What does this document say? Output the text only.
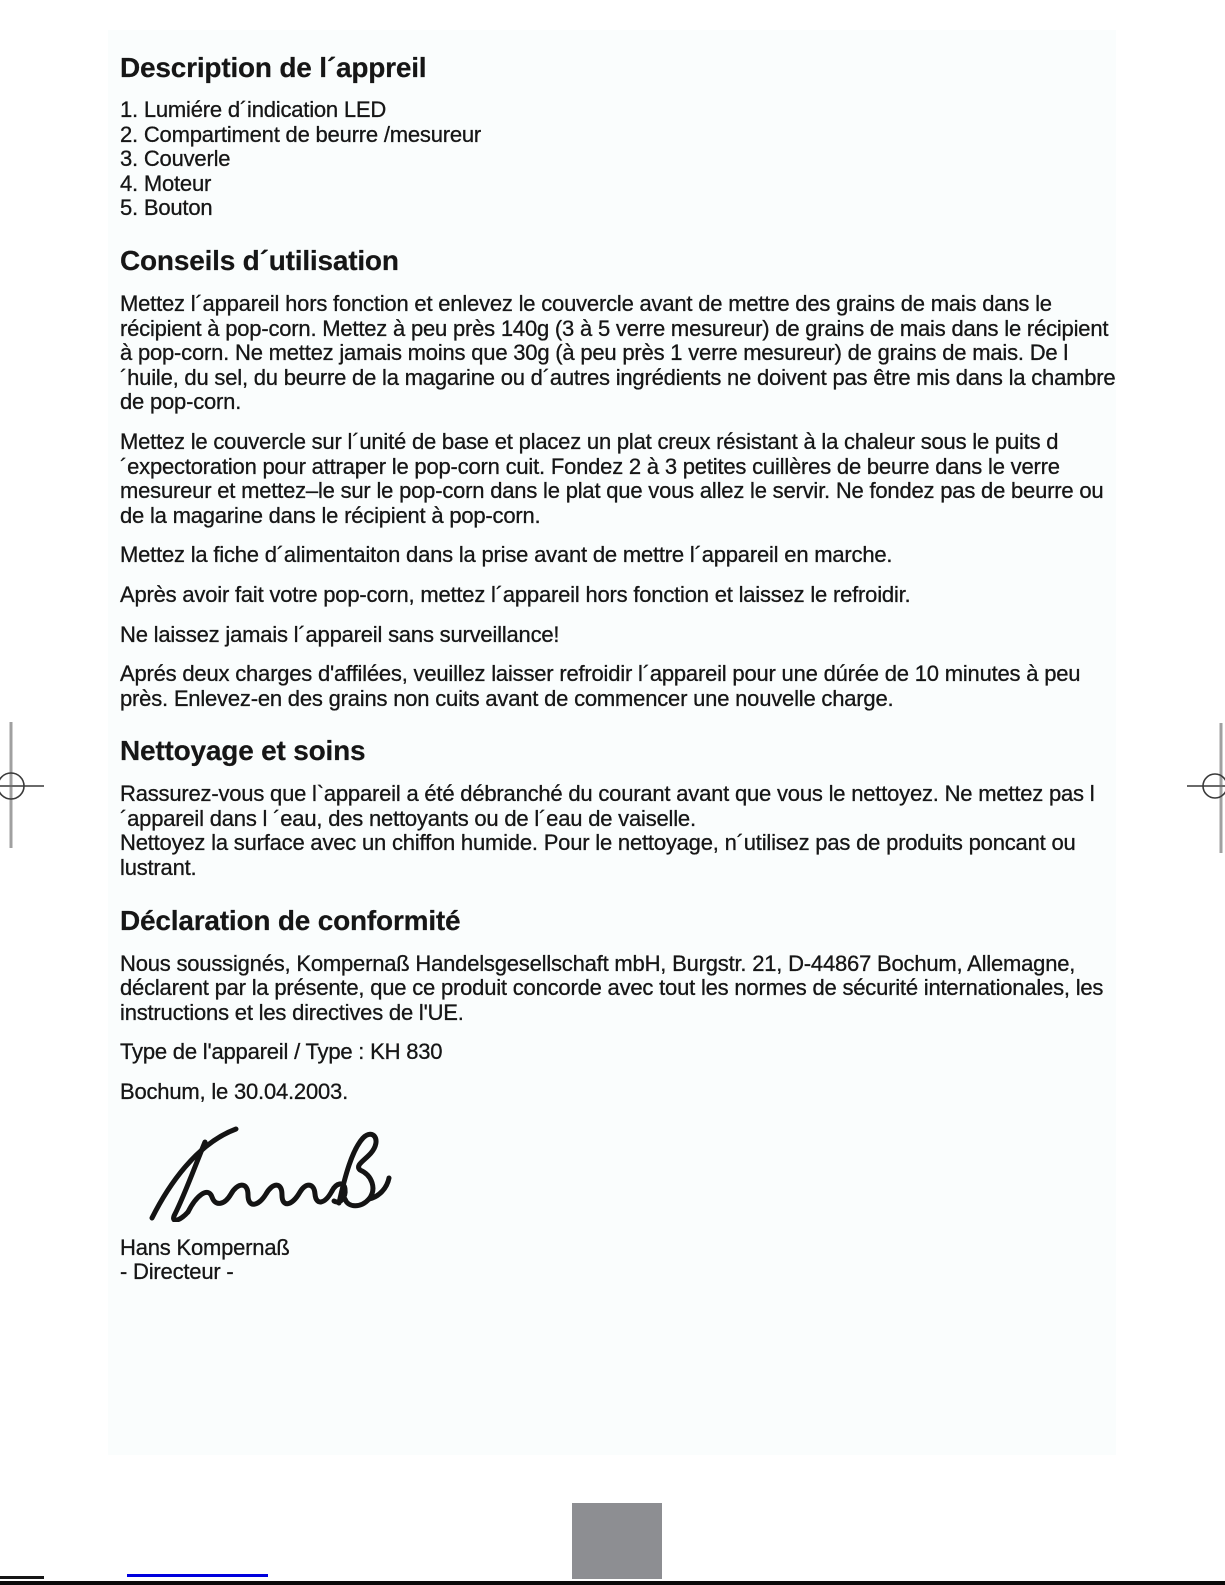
Description de l´appreil
1. Lumiére d´indication LED
2. Compartiment de beurre /mesureur
3. Couverle
4. Moteur
5. Bouton
Conseils d´utilisation

Mettez l´appareil hors fonction et enlevez le couvercle avant de mettre des grains de mais dans le récipient à pop-corn. Mettez à peu près 140g (3 à 5 verre mesureur) de grains de mais dans le récipient à pop-corn. Ne mettez jamais moins que 30g (à peu près 1 verre mesureur) de grains de mais. De l´huile, du sel, du beurre de la magarine ou d´autres ingrédients ne doivent pas être mis dans la chambre de pop-corn.

Mettez le couvercle sur l´unité de base et placez un plat creux résistant à la chaleur sous le puits d´expectoration pour attraper le pop-corn cuit. Fondez 2 à 3 petites cuillères de beurre dans le verre mesureur et mettez–le sur le pop-corn dans le plat que vous allez le servir. Ne fondez pas de beurre ou de la magarine dans le récipient à pop-corn.

Mettez la fiche d´alimentaiton dans la prise avant de mettre l´appareil en marche.

Après avoir fait votre pop-corn, mettez l´appareil hors fonction et laissez le refroidir.

Ne laissez jamais l´appareil sans surveillance!

Aprés deux charges d'affilées, veuillez laisser refroidir l´appareil pour une dúrée de 10 minutes à peu près. Enlevez-en des grains non cuits avant de commencer une nouvelle charge.

Nettoyage et soins

Rassurez-vous que l`appareil a été débranché du courant avant que vous le nettoyez. Ne mettez pas l´appareil dans l ´eau, des nettoyants ou de l´eau de vaiselle.
Nettoyez la surface avec un chiffon humide. Pour le nettoyage, n´utilisez pas de produits poncant ou lustrant.

Déclaration de conformité

Nous soussignés, Kompernaß Handelsgesellschaft mbH, Burgstr. 21, D-44867 Bochum, Allemagne, déclarent par la présente, que ce produit concorde avec tout les normes de sécurité internationales, les instructions et les directives de l'UE.

Type de l'appareil / Type : KH 830

Bochum, le 30.04.2003.

Hans Kompernaß
- Directeur -
